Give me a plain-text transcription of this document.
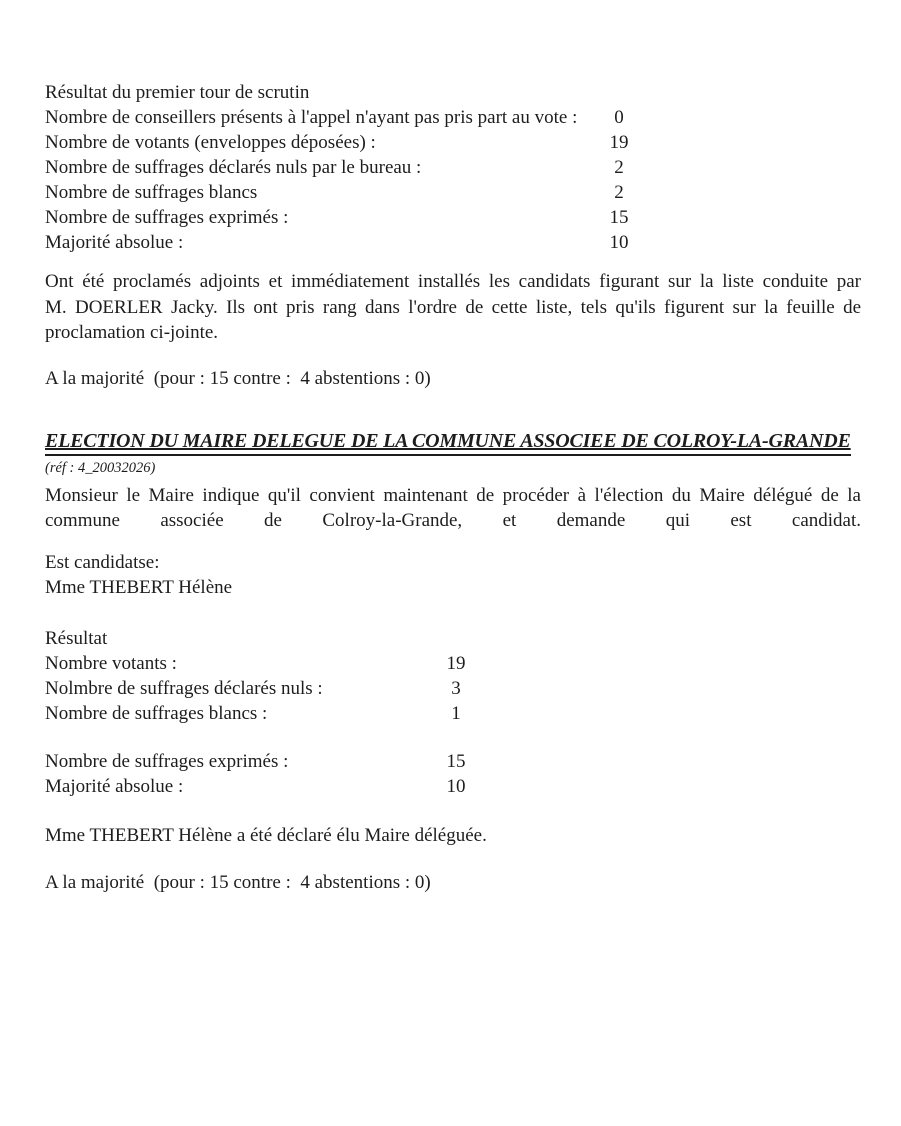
Résultat du premier tour de scrutin
Nombre de conseillers présents à l'appel n'ayant pas pris part au vote :	0
Nombre de votants (enveloppes déposées) :	19
Nombre de suffrages déclarés nuls par le bureau :	2
Nombre de suffrages blancs	2
Nombre de suffrages exprimés :	15
Majorité absolue :	10
Ont été proclamés adjoints et immédiatement installés les candidats figurant sur la liste conduite par
M. DOERLER Jacky. Ils ont pris rang dans l'ordre de cette liste, tels qu'ils figurent sur la feuille de
proclamation ci-jointe.
A la majorité  (pour : 15 contre :  4 abstentions : 0)
ELECTION DU MAIRE DELEGUE DE LA COMMUNE ASSOCIEE DE COLROY-LA-GRANDE
(réf : 4_20032026)
Monsieur le Maire indique qu'il convient maintenant de procéder à l'élection du Maire délégué de la
commune associée de Colroy-la-Grande, et demande qui est candidat.
Est candidatse:
Mme THEBERT Hélène
Résultat
Nombre votants :	19
Nolmbre de suffrages déclarés nuls :	3
Nombre de suffrages blancs :	1
Nombre de suffrages exprimés :	15
Majorité absolue :	10
Mme THEBERT Hélène a été déclaré élu Maire déléguée.
A la majorité  (pour : 15 contre :  4 abstentions : 0)
